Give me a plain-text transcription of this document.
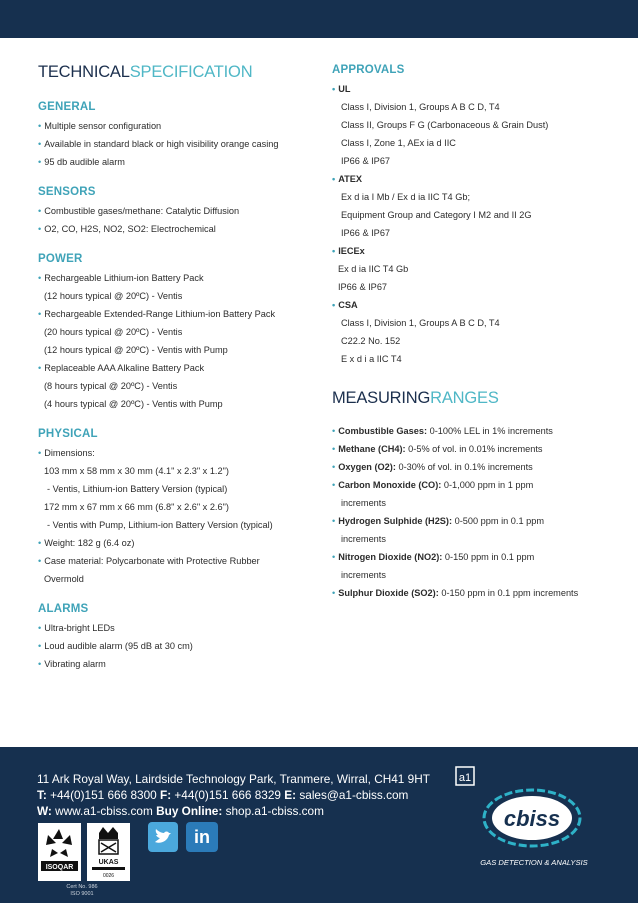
TECHNICALSPECIFICATION
GENERAL
• Multiple sensor configuration
• Available in standard black or high visibility orange casing
• 95 db audible alarm
SENSORS
• Combustible gases/methane: Catalytic Diffusion
• O2, CO, H2S, NO2, SO2: Electrochemical
POWER
• Rechargeable Lithium-ion Battery Pack
(12 hours typical @ 20ºC) - Ventis
• Rechargeable Extended-Range Lithium-ion Battery Pack
(20 hours typical @ 20ºC) - Ventis
(12 hours typical @ 20ºC) - Ventis with Pump
• Replaceable AAA Alkaline Battery Pack
(8 hours typical @ 20ºC) - Ventis
(4 hours typical @ 20ºC) - Ventis with Pump
PHYSICAL
• Dimensions:
103 mm x 58 mm x 30 mm (4.1" x 2.3" x 1.2")
- Ventis, Lithium-ion Battery Version (typical)
172 mm x 67 mm x 66 mm (6.8" x 2.6" x 2.6")
- Ventis with Pump, Lithium-ion Battery Version (typical)
• Weight: 182 g (6.4 oz)
• Case material: Polycarbonate with Protective Rubber
Overmold
ALARMS
• Ultra-bright LEDs
• Loud audible alarm (95 dB at 30 cm)
• Vibrating alarm
APPROVALS
• UL
Class I, Division 1, Groups A B C D, T4
Class II, Groups F G (Carbonaceous & Grain Dust)
Class I, Zone 1, AEx ia d IIC
IP66 & IP67
• ATEX
Ex d ia I Mb / Ex d ia IIC T4 Gb;
Equipment Group and Category I M2 and II 2G
IP66 & IP67
• IECEx
Ex d ia IIC T4 Gb
IP66 & IP67
• CSA
Class I, Division 1, Groups A B C D, T4
C22.2 No. 152
E x d i a IIC T4
MEASURINGRANGES
• Combustible Gases: 0-100% LEL in 1% increments
• Methane (CH4): 0-5% of vol. in 0.01% increments
• Oxygen (O2): 0-30% of vol. in 0.1% increments
• Carbon Monoxide (CO): 0-1,000 ppm in 1 ppm
increments
• Hydrogen Sulphide (H2S): 0-500 ppm in 0.1 ppm
increments
• Nitrogen Dioxide (NO2): 0-150 ppm in 0.1 ppm
increments
• Sulphur Dioxide (SO2): 0-150 ppm in 0.1 ppm increments
11 Ark Royal Way, Lairdside Technology Park, Tranmere, Wirral, CH41 9HT
T: +44(0)151 666 8300 F: +44(0)151 666 8329 E: sales@a1-cbiss.com
W: www.a1-cbiss.com Buy Online: shop.a1-cbiss.com
ISOQAR
UKAS
0026
Cert No. 986
ISO 9001
in
a1
cbiss
GAS DETECTION & ANALYSIS
